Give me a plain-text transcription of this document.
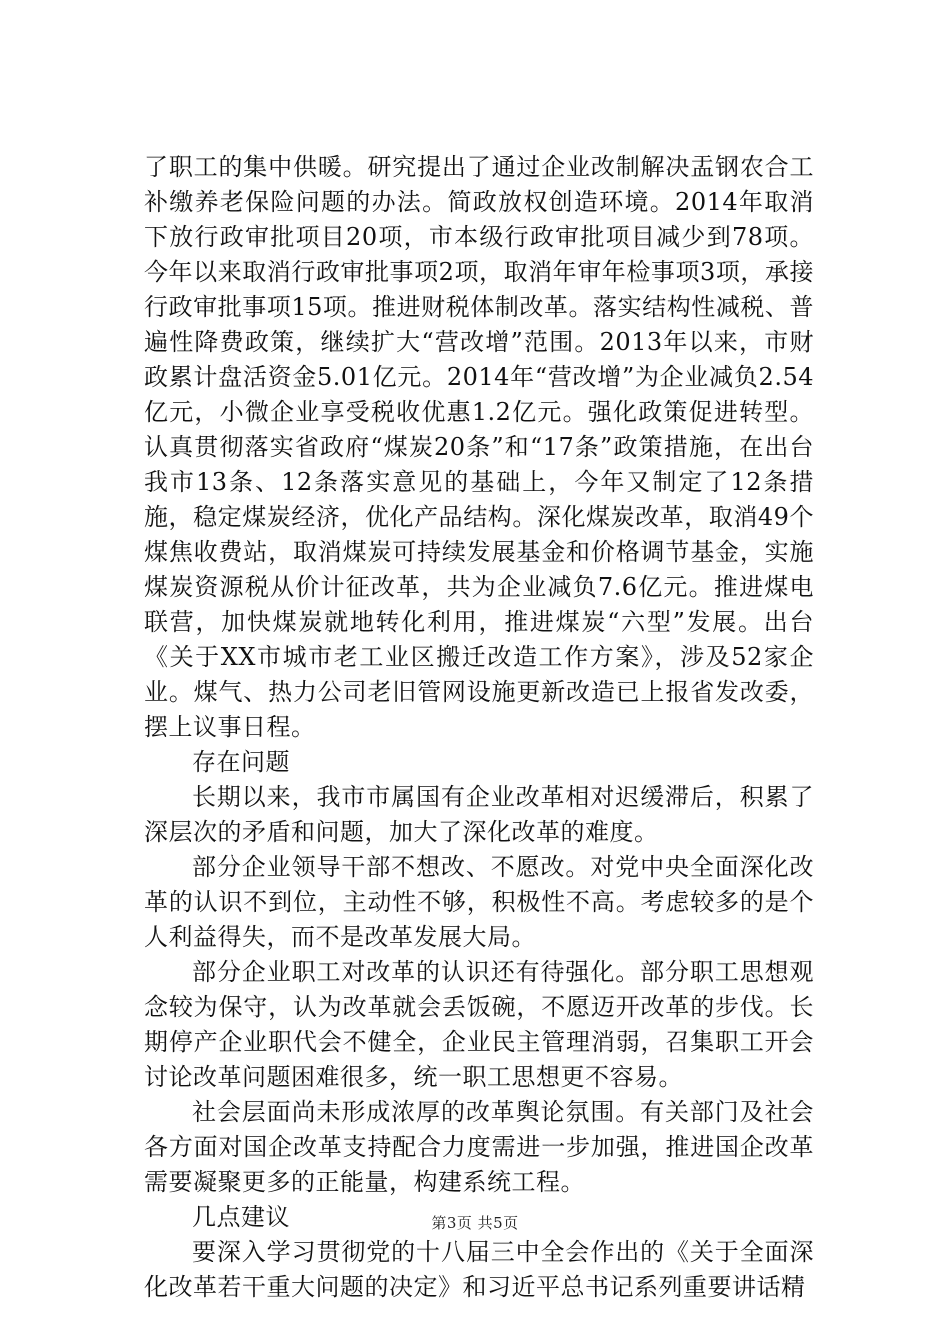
了职工的集中供暖。研究提出了通过企业改制解决盂钢农合工补缴养老保险问题的办法。简政放权创造环境。2014年取消下放行政审批项目20项，市本级行政审批项目减少到78项。今年以来取消行政审批事项2项，取消年审年检事项3项，承接行政审批事项15项。推进财税体制改革。落实结构性减税、普遍性降费政策，继续扩大“营改增”范围。2013年以来，市财政累计盘活资金5.01亿元。2014年“营改增”为企业减负2.54亿元，小微企业享受税收优惠1.2亿元。强化政策促进转型。认真贯彻落实省政府“煤炭20条”和“17条”政策措施，在出台我市13条、12条落实意见的基础上，今年又制定了12条措施，稳定煤炭经济，优化产品结构。深化煤炭改革，取消49个煤焦收费站，取消煤炭可持续发展基金和价格调节基金，实施煤炭资源税从价计征改革，共为企业减负7.6亿元。推进煤电联营，加快煤炭就地转化利用，推进煤炭“六型”发展。出台《关于XX市城市老工业区搬迁改造工作方案》，涉及52家企业。煤气、热力公司老旧管网设施更新改造已上报省发改委，摆上议事日程。

存在问题

长期以来，我市市属国有企业改革相对迟缓滞后，积累了深层次的矛盾和问题，加大了深化改革的难度。

部分企业领导干部不想改、不愿改。对党中央全面深化改革的认识不到位，主动性不够，积极性不高。考虑较多的是个人利益得失，而不是改革发展大局。

部分企业职工对改革的认识还有待强化。部分职工思想观念较为保守，认为改革就会丢饭碗，不愿迈开改革的步伐。长期停产企业职代会不健全，企业民主管理消弱，召集职工开会讨论改革问题困难很多，统一职工思想更不容易。

社会层面尚未形成浓厚的改革舆论氛围。有关部门及社会各方面对国企改革支持配合力度需进一步加强，推进国企改革需要凝聚更多的正能量，构建系统工程。

几点建议

要深入学习贯彻党的十八届三中全会作出的《关于全面深化改革若干重大问题的决定》和习近平总书记系列重要讲话精

第3页 共5页
